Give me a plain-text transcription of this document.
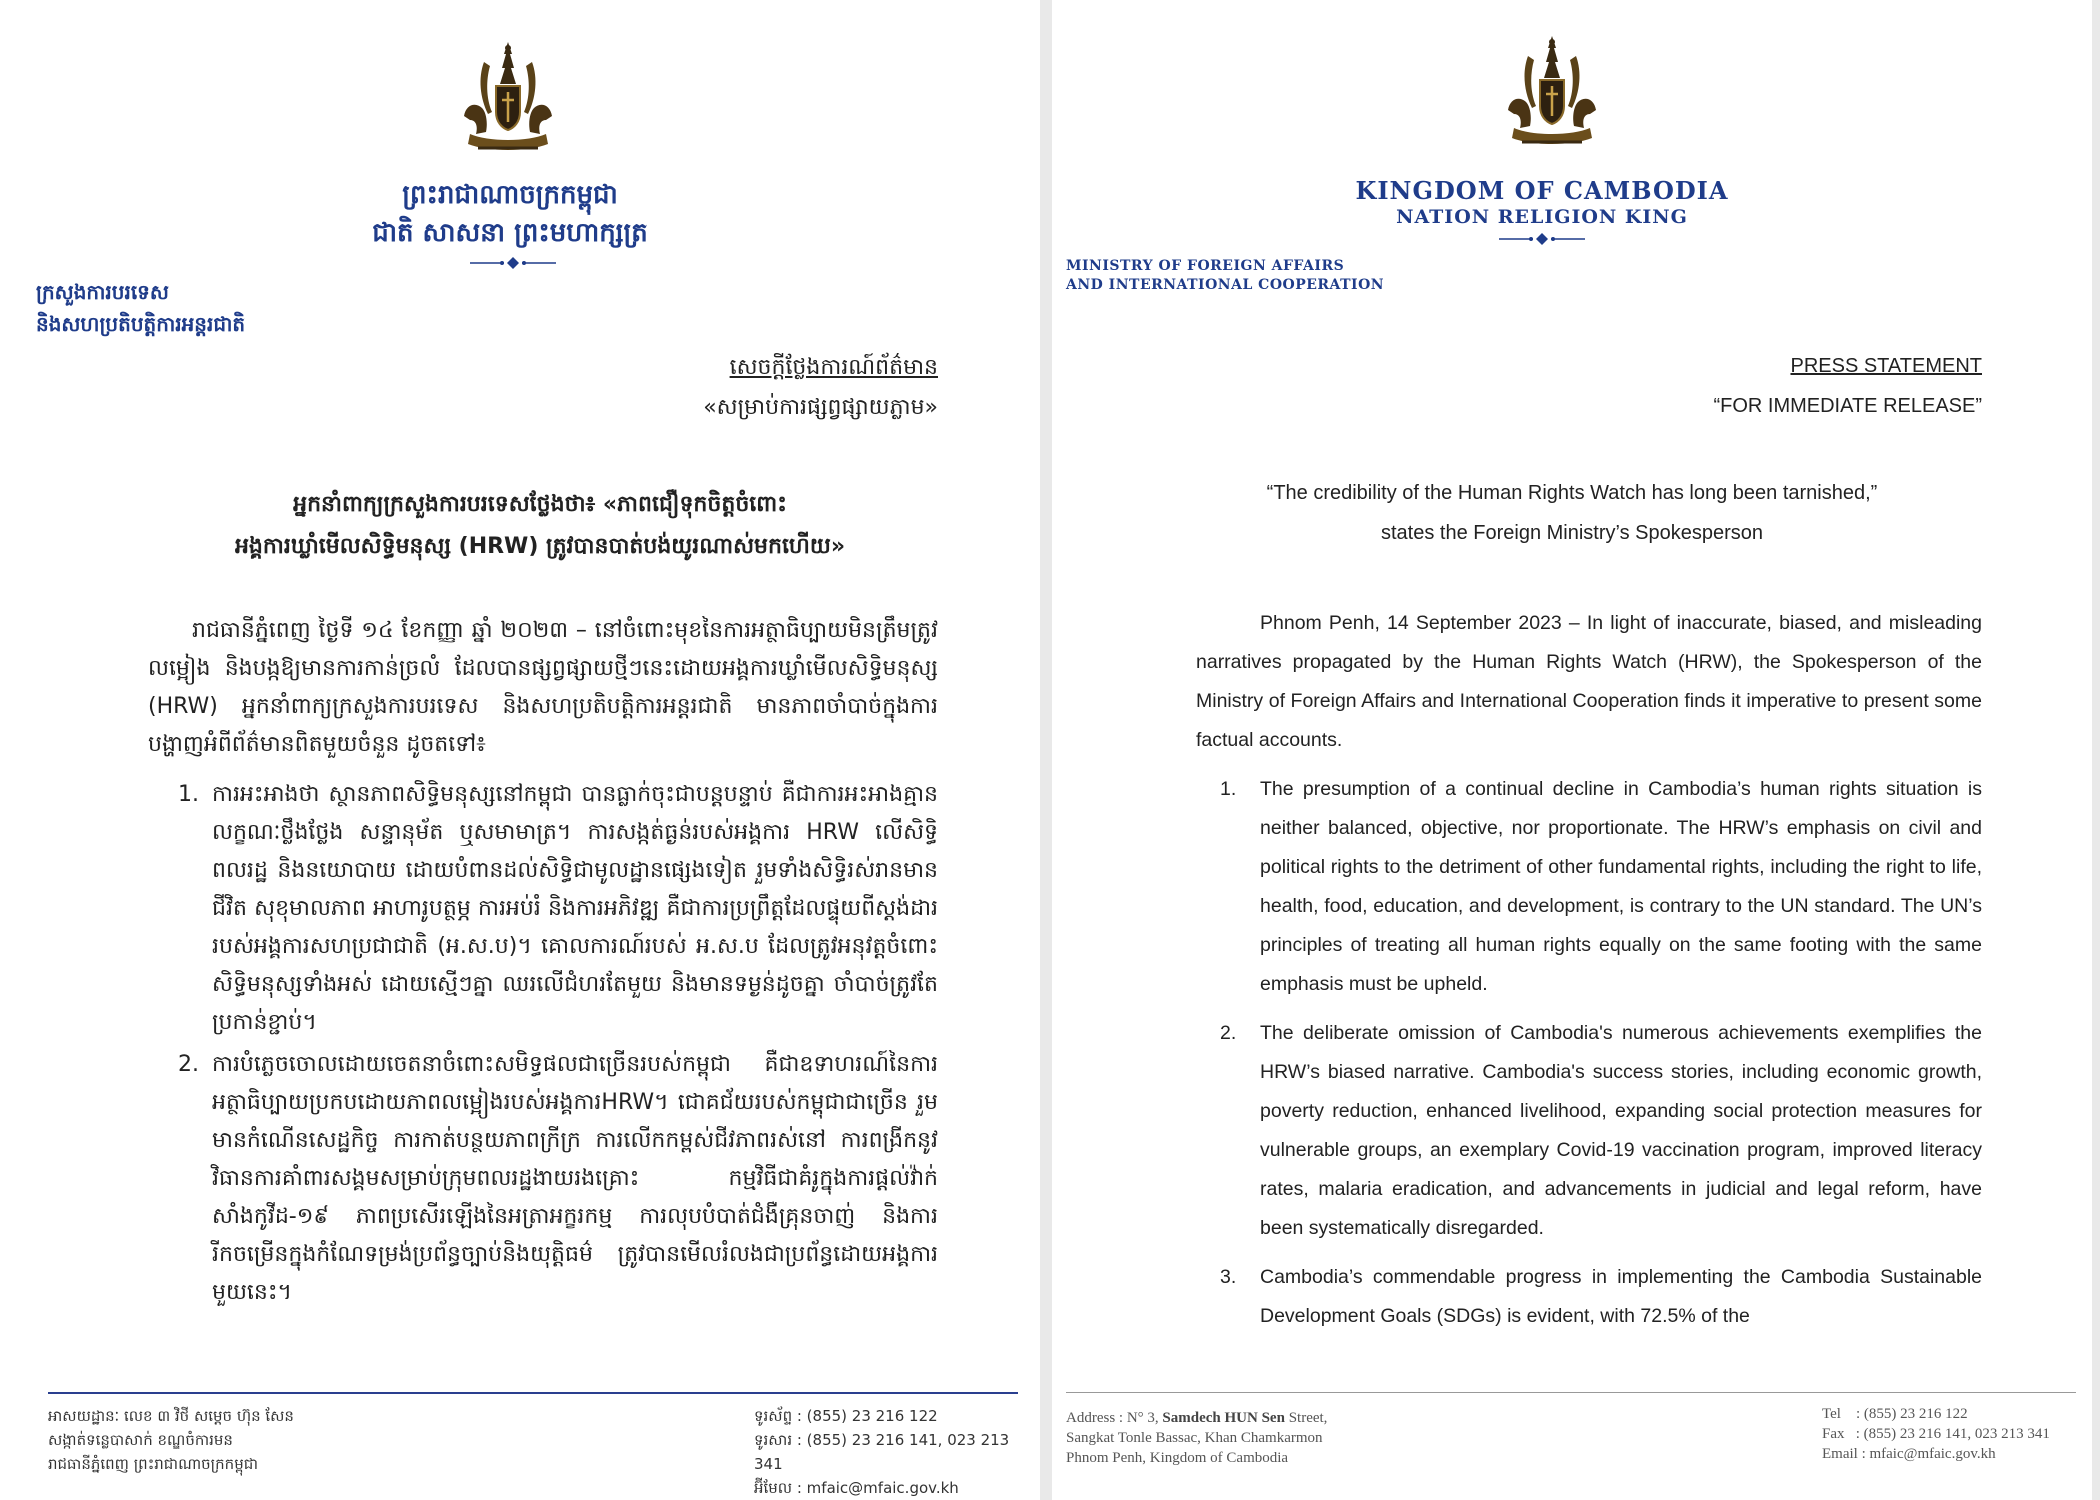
ព្រះរាជាណាចក្រកម្ពុជា
ជាតិ សាសនា ព្រះមហាក្សត្រ
ក្រសួងការបរទេស
និងសហប្រតិបត្តិការអន្តរជាតិ
សេចក្តីថ្លែងការណ៍ព័ត៌មាន
«សម្រាប់ការផ្សព្វផ្សាយភ្លាម»
អ្នកនាំពាក្យក្រសួងការបរទេសថ្លែងថា៖ «ភាពជឿទុកចិត្តចំពោះ
អង្គការឃ្លាំមើលសិទ្ធិមនុស្ស (HRW) ត្រូវបានបាត់បង់យូរណាស់មកហើយ»

រាជធានីភ្នំពេញ ថ្ងៃទី ១៤ ខែកញ្ញា ឆ្នាំ ២០២៣ – នៅចំពោះមុខនៃការអត្ថាធិប្បាយមិនត្រឹមត្រូវ លម្អៀង និងបង្កឱ្យមានការកាន់ច្រលំ ដែលបានផ្សព្វផ្សាយថ្មីៗនេះដោយអង្គការឃ្លាំមើលសិទ្ធិមនុស្ស (HRW) អ្នកនាំពាក្យក្រសួងការបរទេស និងសហប្រតិបត្តិការអន្តរជាតិ មានភាពចាំបាច់ក្នុងការបង្ហាញអំពីព័ត៌មានពិតមួយចំនួន ដូចតទៅ៖

1. ការអះអាងថា ស្ថានភាពសិទ្ធិមនុស្សនៅកម្ពុជា បានធ្លាក់ចុះជាបន្តបន្ទាប់ គឺជាការអះអាងគ្មានលក្ខណៈថ្លឹងថ្លែង សន្ទានុម័ត ឬសមាមាត្រ។ ការសង្កត់ធ្ងន់របស់អង្គការ HRW លើសិទ្ធិពលរដ្ឋ និងនយោបាយ ដោយបំពានដល់សិទ្ធិជាមូលដ្ឋានផ្សេងទៀត រួមទាំងសិទ្ធិរស់រានមានជីវិត សុខុមាលភាព អាហារូបត្ថម្ភ ការអប់រំ និងការអភិវឌ្ឍ គឺជាការប្រព្រឹត្តដែលផ្ទុយពីស្តង់ដាររបស់អង្គការសហប្រជាជាតិ (អ.ស.ប)។ គោលការណ៍របស់ អ.ស.ប ដែលត្រូវអនុវត្តចំពោះសិទ្ធិមនុស្សទាំងអស់ ដោយស្មើៗគ្នា ឈរលើជំហរតែមួយ និងមានទម្ងន់ដូចគ្នា ចាំបាច់ត្រូវតែប្រកាន់ខ្ជាប់។
2. ការបំភ្លេចចោលដោយចេតនាចំពោះសមិទ្ធផលជាច្រើនរបស់កម្ពុជា គឺជាឧទាហរណ៍នៃការអត្ថាធិប្បាយប្រកបដោយភាពលម្អៀងរបស់អង្គការHRW។ ជោគជ័យរបស់កម្ពុជាជាច្រើន រួមមានកំណើនសេដ្ឋកិច្ច ការកាត់បន្ថយភាពក្រីក្រ ការលើកកម្ពស់ជីវភាពរស់នៅ ការពង្រីកនូវវិធានការគាំពារសង្គមសម្រាប់ក្រុមពលរដ្ឋងាយរងគ្រោះ កម្មវិធីជាគំរូក្នុងការផ្តល់វ៉ាក់សាំងកូវីដ-១៩ ភាពប្រសើរឡើងនៃអត្រាអក្ខរកម្ម ការលុបបំបាត់ជំងឺគ្រុនចាញ់ និងការរីកចម្រើនក្នុងកំណែទម្រង់ប្រព័ន្ធច្បាប់និងយុត្តិធម៌ ត្រូវបានមើលរំលងជាប្រព័ន្ធដោយអង្គការមួយនេះ។
អាសយដ្ឋានៈ លេខ ៣ វិថី សម្តេច ហ៊ុន សែន
សង្កាត់ទន្លេបាសាក់ ខណ្ឌចំការមន
រាជធានីភ្នំពេញ ព្រះរាជាណាចក្រកម្ពុជា
ទូរស័ព្ទ : (855) 23 216 122
ទូរសារ : (855) 23 216 141, 023 213 341
អ៊ីមែល : mfaic@mfaic.gov.kh
KINGDOM OF CAMBODIA
NATION RELIGION KING
MINISTRY OF FOREIGN AFFAIRS
AND INTERNATIONAL COOPERATION
PRESS STATEMENT
“FOR IMMEDIATE RELEASE”
“The credibility of the Human Rights Watch has long been tarnished,”
states the Foreign Ministry’s Spokesperson

Phnom Penh, 14 September 2023 – In light of inaccurate, biased, and misleading narratives propagated by the Human Rights Watch (HRW), the Spokesperson of the Ministry of Foreign Affairs and International Cooperation finds it imperative to present some factual accounts.

1. The presumption of a continual decline in Cambodia’s human rights situation is neither balanced, objective, nor proportionate. The HRW’s emphasis on civil and political rights to the detriment of other fundamental rights, including the right to life, health, food, education, and development, is contrary to the UN standard. The UN’s principles of treating all human rights equally on the same footing with the same emphasis must be upheld.
2. The deliberate omission of Cambodia's numerous achievements exemplifies the HRW’s biased narrative. Cambodia's success stories, including economic growth, poverty reduction, enhanced livelihood, expanding social protection measures for vulnerable groups, an exemplary Covid-19 vaccination program, improved literacy rates, malaria eradication, and advancements in judicial and legal reform, have been systematically disregarded.
3. Cambodia’s commendable progress in implementing the Cambodia Sustainable Development Goals (SDGs) is evident, with 72.5% of the
Address : N° 3, Samdech HUN Sen Street,
Sangkat Tonle Bassac, Khan Chamkarmon
Phnom Penh, Kingdom of Cambodia
Tel    : (855) 23 216 122
Fax   : (855) 23 216 141, 023 213 341
Email : mfaic@mfaic.gov.kh
